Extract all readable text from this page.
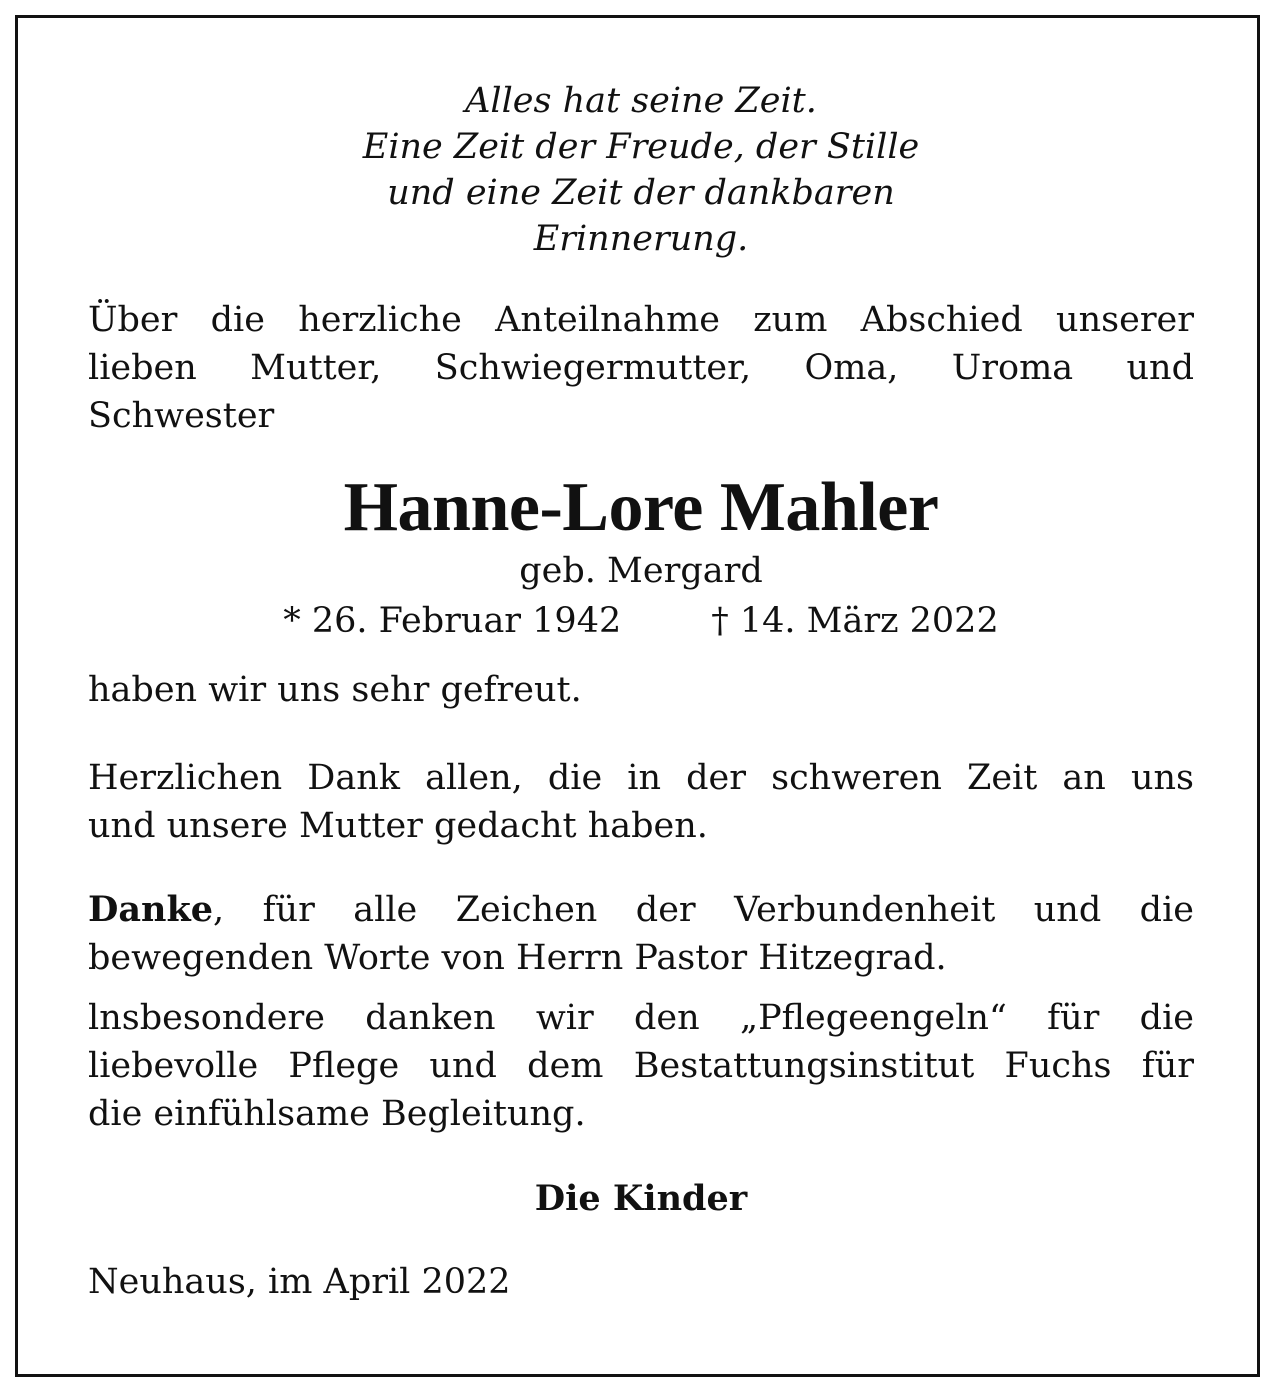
Alles hat seine Zeit.
Eine Zeit der Freude, der Stille
und eine Zeit der dankbaren
Erinnerung.
Über die herzliche Anteilnahme zum Abschied unserer
lieben Mutter, Schwiegermutter, Oma, Uroma und
Schwester
Hanne-Lore Mahler
geb. Mergard
* 26. Februar 1942	† 14. März 2022
haben wir uns sehr gefreut.
Herzlichen Dank allen, die in der schweren Zeit an uns
und unsere Mutter gedacht haben.
Danke, für alle Zeichen der Verbundenheit und die
bewegenden Worte von Herrn Pastor Hitzegrad.
lnsbesondere danken wir den „Pflegeengeln“ für die
liebevolle Pflege und dem Bestattungsinstitut Fuchs für
die einfühlsame Begleitung.
Die Kinder
Neuhaus, im April 2022
